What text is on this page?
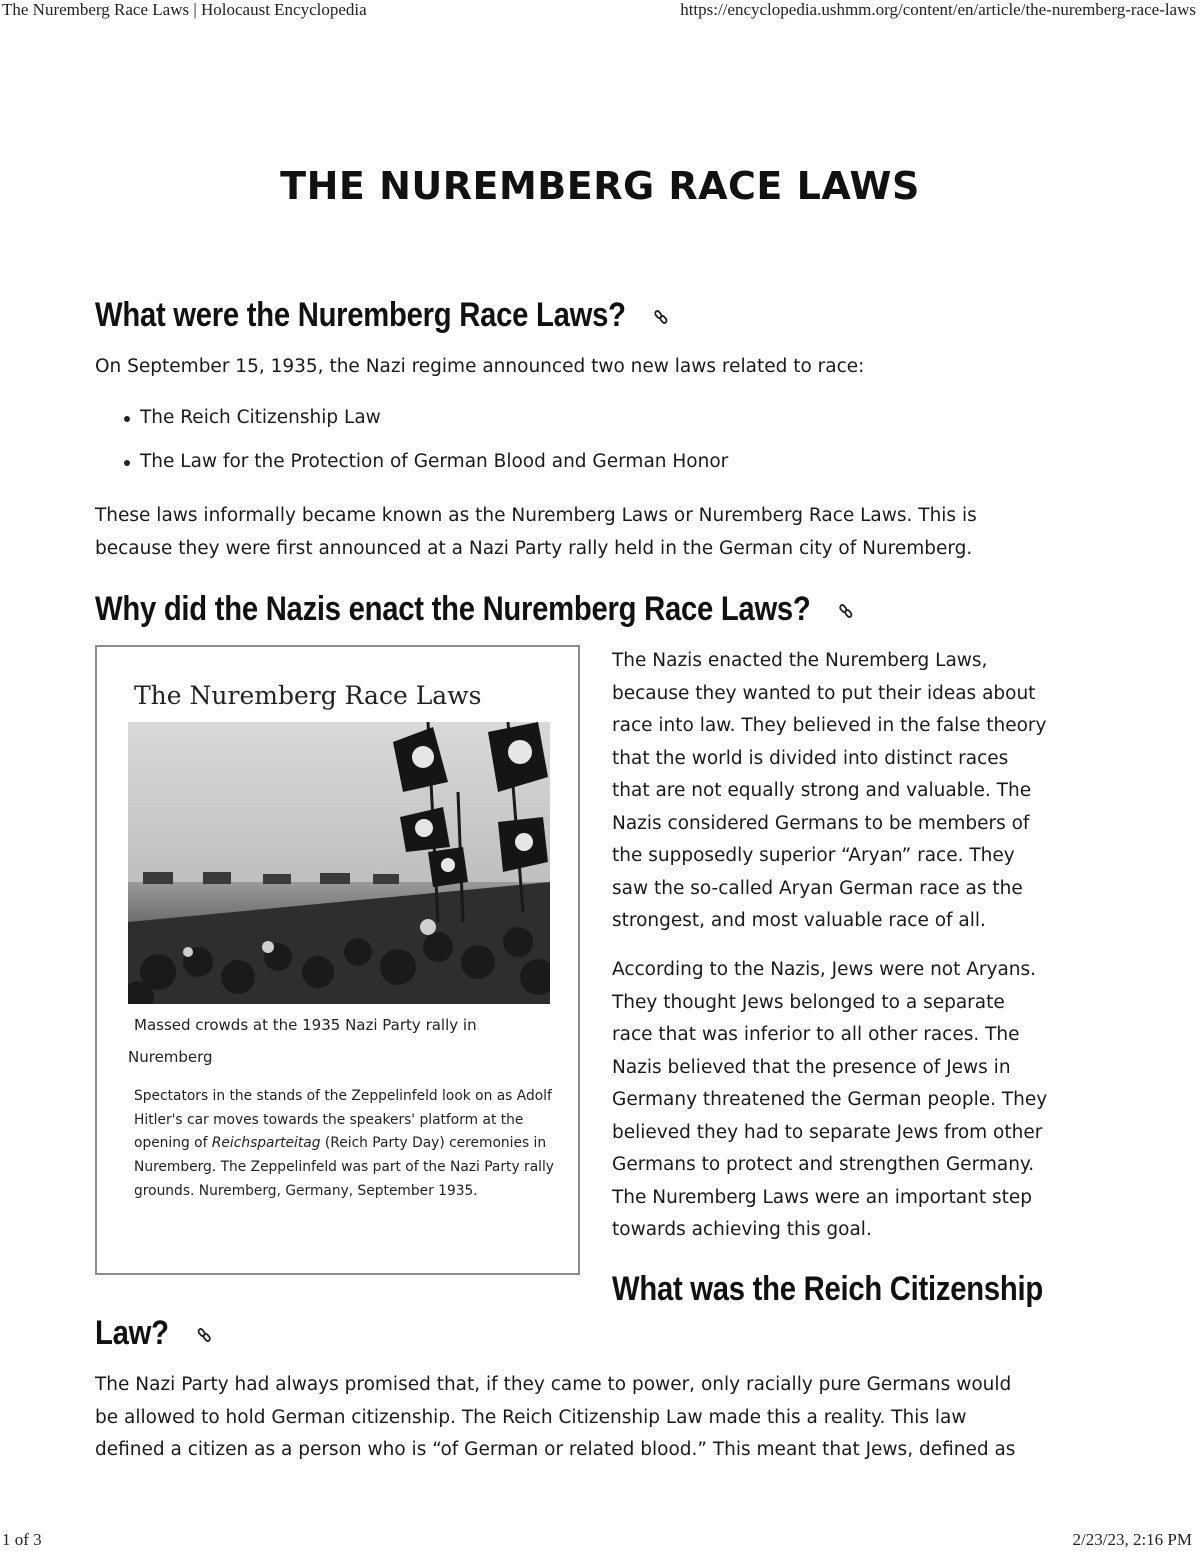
The Nuremberg Race Laws | Holocaust Encyclopedia	https://encyclopedia.ushmm.org/content/en/article/the-nuremberg-race-laws
THE NUREMBERG RACE LAWS
What were the Nuremberg Race Laws?

On September 15, 1935, the Nazi regime announced two new laws related to race:

The Reich Citizenship Law
The Law for the Protection of German Blood and German Honor
These laws informally became known as the Nuremberg Laws or Nuremberg Race Laws. This is
because they were first announced at a Nazi Party rally held in the German city of Nuremberg.
Why did the Nazis enact the Nuremberg Race Laws?
The Nuremberg Race Laws
Massed crowds at the 1935 Nazi Party rally in
Nuremberg
Spectators in the stands of the Zeppelinfeld look on as Adolf Hitler's car moves towards the speakers' platform at the opening of Reichsparteitag (Reich Party Day) ceremonies in Nuremberg. The Zeppelinfeld was part of the Nazi Party rally grounds. Nuremberg, Germany, September 1935.
The Nazis enacted the Nuremberg Laws,
because they wanted to put their ideas about
race into law. They believed in the false theory
that the world is divided into distinct races
that are not equally strong and valuable. The
Nazis considered Germans to be members of
the supposedly superior “Aryan” race. They
saw the so-called Aryan German race as the
strongest, and most valuable race of all.
According to the Nazis, Jews were not Aryans.
They thought Jews belonged to a separate
race that was inferior to all other races. The
Nazis believed that the presence of Jews in
Germany threatened the German people. They
believed they had to separate Jews from other
Germans to protect and strengthen Germany.
The Nuremberg Laws were an important step
towards achieving this goal.
What was the Reich Citizenship
Law?
The Nazi Party had always promised that, if they came to power, only racially pure Germans would
be allowed to hold German citizenship. The Reich Citizenship Law made this a reality. This law
defined a citizen as a person who is “of German or related blood.” This meant that Jews, defined as
1 of 3	2/23/23, 2:16 PM
